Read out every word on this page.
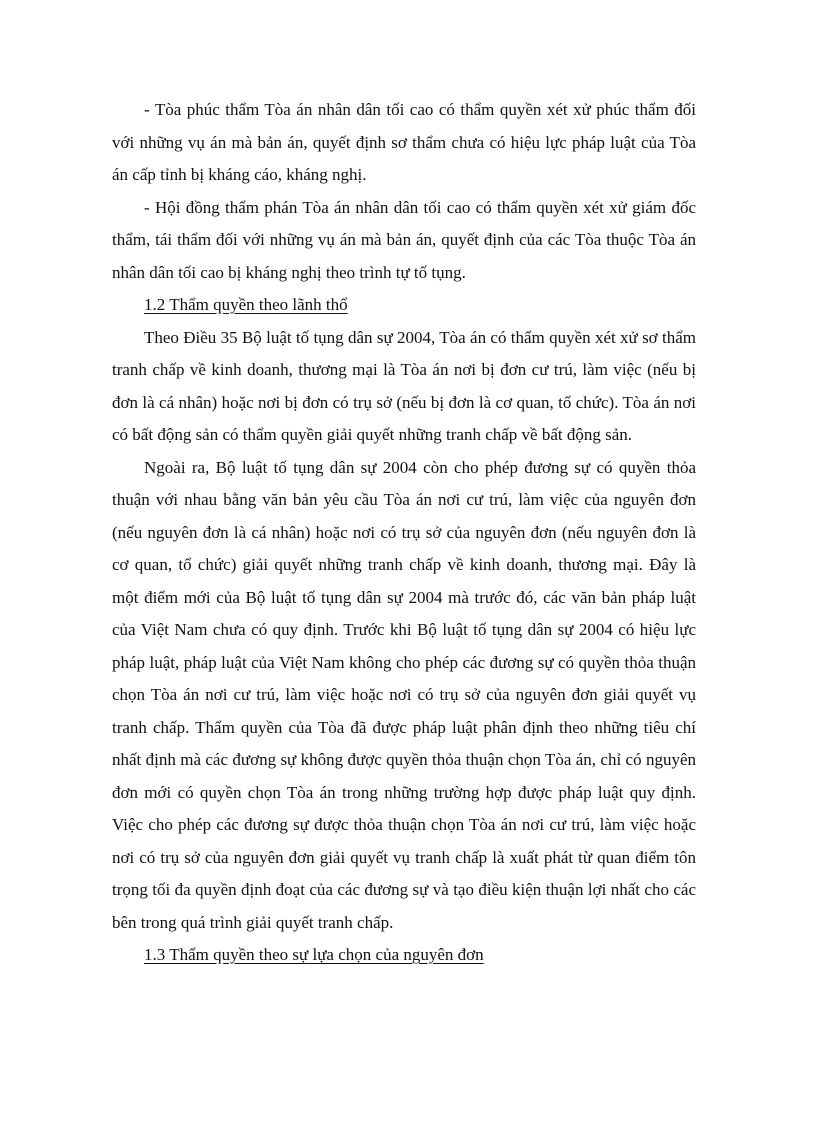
- Tòa phúc thẩm Tòa án nhân dân tối cao có thẩm quyền xét xử phúc thẩm đối với những vụ án mà bản án, quyết định sơ thẩm chưa có hiệu lực pháp luật của Tòa án cấp tỉnh bị kháng cáo, kháng nghị.

- Hội đồng thẩm phán Tòa án nhân dân tối cao có thẩm quyền xét xử giám đốc thẩm, tái thẩm đối với những vụ án mà bản án, quyết định của các Tòa thuộc Tòa án nhân dân tối cao bị kháng nghị theo trình tự tố tụng.

1.2 Thẩm quyền theo lãnh thổ

Theo Điều 35 Bộ luật tố tụng dân sự 2004, Tòa án có thẩm quyền xét xử sơ thẩm tranh chấp về kinh doanh, thương mại là Tòa án nơi bị đơn cư trú, làm việc (nếu bị đơn là cá nhân) hoặc nơi bị đơn có trụ sở (nếu bị đơn là cơ quan, tổ chức). Tòa án nơi có bất động sản có thẩm quyền giải quyết những tranh chấp về bất động sản.

Ngoài ra, Bộ luật tố tụng dân sự 2004 còn cho phép đương sự có quyền thỏa thuận với nhau bằng văn bản yêu cầu Tòa án nơi cư trú, làm việc của nguyên đơn (nếu nguyên đơn là cá nhân) hoặc nơi có trụ sở của nguyên đơn (nếu nguyên đơn là cơ quan, tổ chức) giải quyết những tranh chấp về kinh doanh, thương mại. Đây là một điểm mới của Bộ luật tố tụng dân sự 2004 mà trước đó, các văn bản pháp luật của Việt Nam chưa có quy định. Trước khi Bộ luật tố tụng dân sự 2004 có hiệu lực pháp luật, pháp luật của Việt Nam không cho phép các đương sự có quyền thỏa thuận chọn Tòa án nơi cư trú, làm việc hoặc nơi có trụ sở của nguyên đơn giải quyết vụ tranh chấp. Thẩm quyền của Tòa đã được pháp luật phân định theo những tiêu chí nhất định mà các đương sự không được quyền thỏa thuận chọn Tòa án, chỉ có nguyên đơn mới có quyền chọn Tòa án trong những trường hợp được pháp luật quy định. Việc cho phép các đương sự được thỏa thuận chọn Tòa án nơi cư trú, làm việc hoặc nơi có trụ sở của nguyên đơn giải quyết vụ tranh chấp là xuất phát từ quan điểm tôn trọng tối đa quyền định đoạt của các đương sự và tạo điều kiện thuận lợi nhất cho các bên trong quá trình giải quyết tranh chấp.

1.3 Thẩm quyền theo sự lựa chọn của nguyên đơn
